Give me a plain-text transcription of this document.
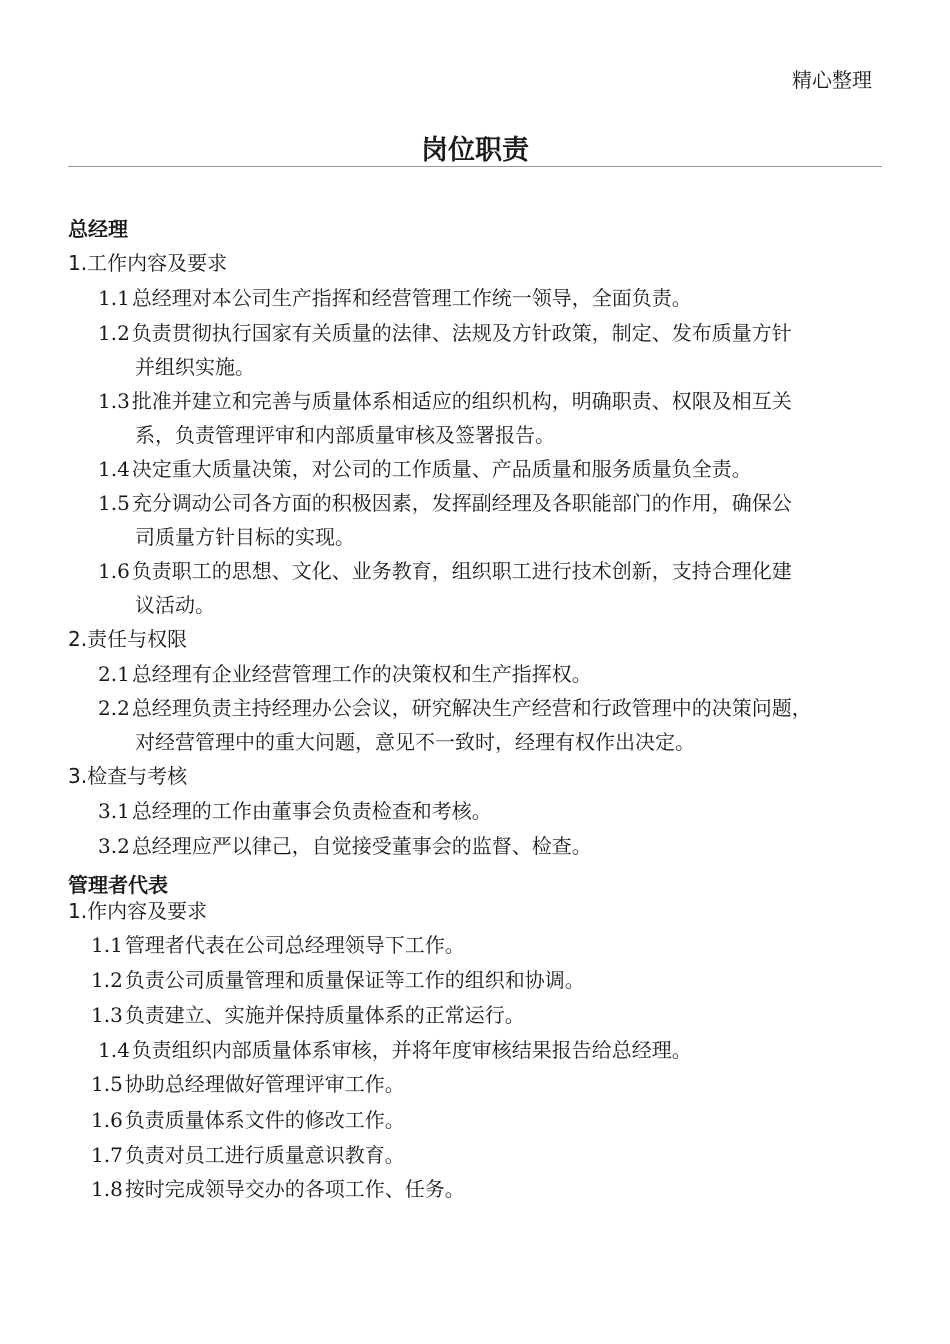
精心整理
岗位职责
总经理
1.工作内容及要求
1.1 总经理对本公司生产指挥和经营管理工作统一领导，全面负责。
1.2 负责贯彻执行国家有关质量的法律、法规及方针政策，制定、发布质量方针
并组织实施。
1.3 批准并建立和完善与质量体系相适应的组织机构，明确职责、权限及相互关
系，负责管理评审和内部质量审核及签署报告。
1.4 决定重大质量决策，对公司的工作质量、产品质量和服务质量负全责。
1.5 充分调动公司各方面的积极因素，发挥副经理及各职能部门的作用，确保公
司质量方针目标的实现。
1.6 负责职工的思想、文化、业务教育，组织职工进行技术创新，支持合理化建
议活动。
2.责任与权限
2.1 总经理有企业经营管理工作的决策权和生产指挥权。
2.2 总经理负责主持经理办公会议，研究解决生产经营和行政管理中的决策问题，
对经营管理中的重大问题，意见不一致时，经理有权作出决定。
3.检查与考核
3.1 总经理的工作由董事会负责检查和考核。
3.2 总经理应严以律己，自觉接受董事会的监督、检查。
管理者代表
1.作内容及要求
1.1 管理者代表在公司总经理领导下工作。
1.2 负责公司质量管理和质量保证等工作的组织和协调。
1.3 负责建立、实施并保持质量体系的正常运行。
1.4 负责组织内部质量体系审核，并将年度审核结果报告给总经理。
1.5 协助总经理做好管理评审工作。
1.6 负责质量体系文件的修改工作。
1.7 负责对员工进行质量意识教育。
1.8 按时完成领导交办的各项工作、任务。
